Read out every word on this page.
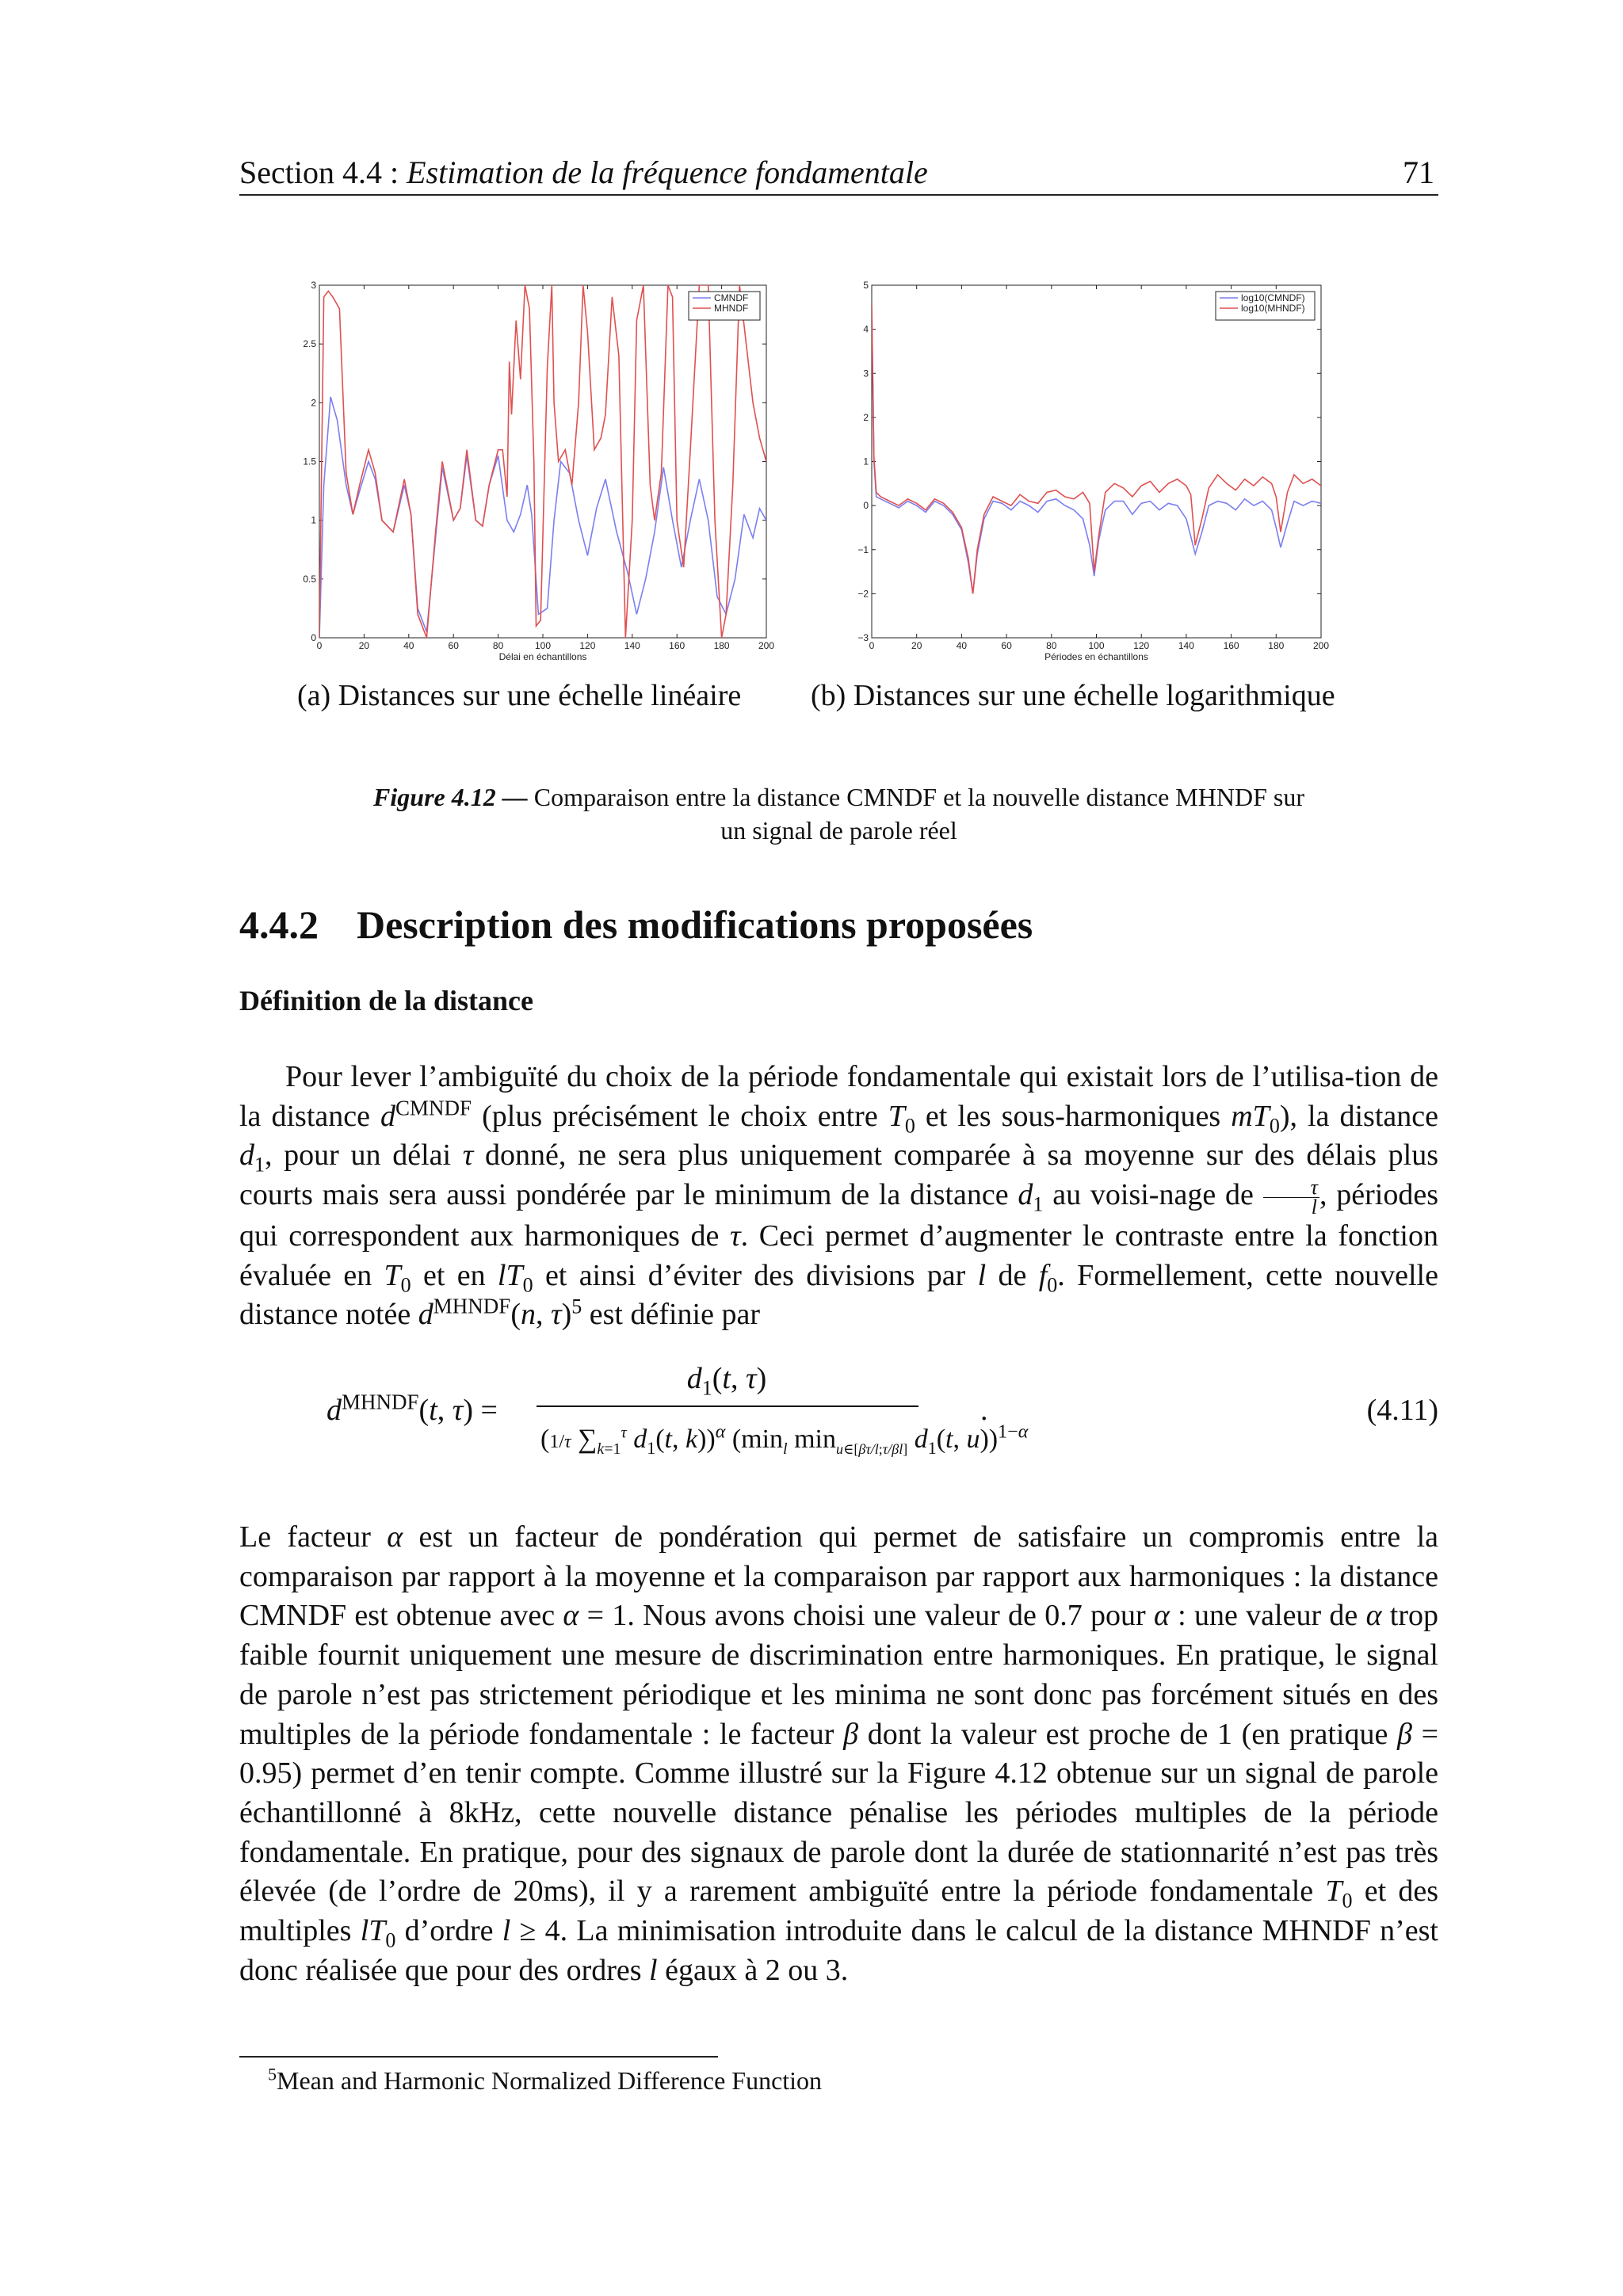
Section 4.4 : Estimation de la fréquence fondamentale	71
0	20	40	60	80	100	120	140	160	180	200
0
0.5
1
1.5
2
2.5
3
Délai en échantillons
CMNDF
MHNDF
0	20	40	60	80	100	120	140	160	180	200
−3
−2
−1
0
1
2
3
4
5
Périodes en échantillons
log10(CMNDF)
log10(MHNDF)
(a) Distances sur une échelle linéaire (b) Distances sur une échelle logarithmique
Figure 4.12 — Comparaison entre la distance CMNDF et la nouvelle distance MHNDF sur
un signal de parole réel
4.4.2 Description des modifications proposées
Définition de la distance

Pour lever l’ambiguïté du choix de la période fondamentale qui existait lors de l’utilisa-tion de la distance $d^{CMNDF}$ (plus précisément le choix entre $T_0$ et les sous-harmoniques $mT_0$), la distance $d_1$, pour un délai τ donné, ne sera plus uniquement comparée à sa moyenne sur des délais plus courts mais sera aussi pondérée par le minimum de la distance $d_1$ au voisi-nage de $\frac{\tau}{l}$ , périodes qui correspondent aux harmoniques de τ. Ceci permet d’augmenter le contraste entre la fonction évaluée en $T_0$ et en $lT_0$ et ainsi d’éviter des divisions par l de $f_0$. Formellement, cette nouvelle distance notée $d^{MHNDF}(n$, τ)$^5$ est définie par

$d^{MHNDF}(t$, τ) =
$d_1(t$, τ)
(1/τ $\sum_{k=1}^\tau$ $d_1(t$, k))$^\alpha$ ($\min_l$ $\min_{u\in[\beta\tau/l;\tau/\beta l]} d_1(t$, u))$^{1-\alpha}$
.	(4.11)

Le facteur α est un facteur de pondération qui permet de satisfaire un compromis entre la comparaison par rapport à la moyenne et la comparaison par rapport aux harmoniques : la distance CMNDF est obtenue avec α = 1. Nous avons choisi une valeur de 0.7 pour α : une valeur de α trop faible fournit uniquement une mesure de discrimination entre harmoniques. En pratique, le signal de parole n’est pas strictement périodique et les minima ne sont donc pas forcément situés en des multiples de la période fondamentale : le facteur β dont la valeur est proche de 1 (en pratique β = 0.95) permet d’en tenir compte. Comme illustré sur la Figure 4.12 obtenue sur un signal de parole échantillonné à 8kHz, cette nouvelle distance pénalise les périodes multiples de la période fondamentale. En pratique, pour des signaux de parole dont la durée de stationnarité n’est pas très élevée (de l’ordre de 20ms), il y a rarement ambiguïté entre la période fondamentale $T_0$ et des multiples $lT_0$ d’ordre l ≥ 4. La minimisation introduite dans le calcul de la distance MHNDF n’est donc réalisée que pour des ordres l égaux à 2 ou 3.

$^5$Mean and Harmonic Normalized Difference Function
